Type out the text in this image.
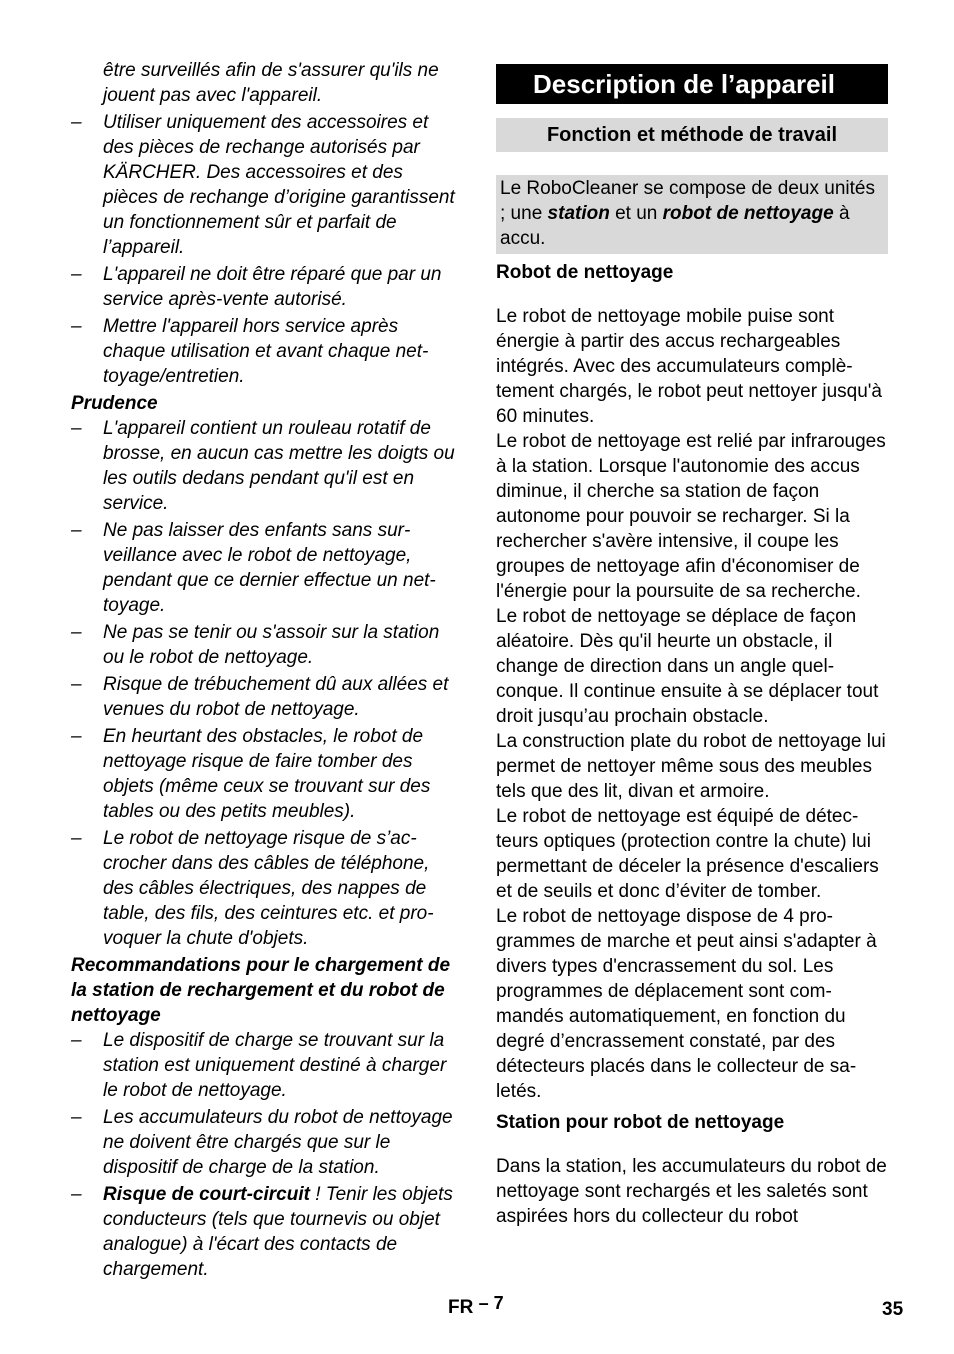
être surveillés afin de s'assurer qu'ils ne jouent pas avec l'appareil.

– Utiliser uniquement des accessoires et des pièces de rechange autorisés par KÄRCHER. Des accessoires et des pièces de rechange d’origine garantissent un fonctionnement sûr et parfait de l’appareil.

– L'appareil ne doit être réparé que par un service après-vente autorisé.

– Mettre l'appareil hors service après chaque utilisation et avant chaque nettoyage/entretien.

Prudence

– L'appareil contient un rouleau rotatif de brosse, en aucun cas mettre les doigts ou les outils dedans pendant qu'il est en service.

– Ne pas laisser des enfants sans surveillance avec le robot de nettoyage, pendant que ce dernier effectue un nettoyage.

– Ne pas se tenir ou s'assoir sur la station ou le robot de nettoyage.

– Risque de trébuchement dû aux allées et venues du robot de nettoyage.

– En heurtant des obstacles, le robot de nettoyage risque de faire tomber des objets (même ceux se trouvant sur des tables ou des petits meubles).

– Le robot de nettoyage risque de s’accrocher dans des câbles de téléphone, des câbles électriques, des nappes de table, des fils, des ceintures etc. et provoquer la chute d'objets.

Recommandations pour le chargement de la station de rechargement et du robot de nettoyage

– Le dispositif de charge se trouvant sur la station est uniquement destiné à charger le robot de nettoyage.

– Les accumulateurs du robot de nettoyage ne doivent être chargés que sur le dispositif de charge de la station.

– Risque de court-circuit ! Tenir les objets conducteurs (tels que tournevis ou objet analogue) à l'écart des contacts de chargement.

Description de l’appareil
Fonction et méthode de travail
Le RoboCleaner se compose de deux unités ; une station et un robot de nettoyage à accu.

Robot de nettoyage

Le robot de nettoyage mobile puise sont énergie à partir des accus rechargeables intégrés. Avec des accumulateurs complètement chargés, le robot peut nettoyer jusqu'à 60 minutes.

Le robot de nettoyage est relié par infrarouges à la station. Lorsque l'autonomie des accus diminue, il cherche sa station de façon autonome pour pouvoir se recharger. Si la rechercher s'avère intensive, il coupe les groupes de nettoyage afin d'économiser de l'énergie pour la poursuite de sa recherche.

Le robot de nettoyage se déplace de façon aléatoire. Dès qu'il heurte un obstacle, il change de direction dans un angle quelconque. Il continue ensuite à se déplacer tout droit jusqu’au prochain obstacle.

La construction plate du robot de nettoyage lui permet de nettoyer même sous des meubles tels que des lit, divan et armoire.

Le robot de nettoyage est équipé de détecteurs optiques (protection contre la chute) lui permettant de déceler la présence d'escaliers et de seuils et donc d’éviter de tomber.

Le robot de nettoyage dispose de 4 programmes de marche et peut ainsi s'adapter à divers types d'encrassement du sol. Les programmes de déplacement sont commandés automatiquement, en fonction du degré d’encrassement constaté, par des détecteurs placés dans le collecteur de saletés.

Station pour robot de nettoyage

Dans la station, les accumulateurs du robot de nettoyage sont rechargés et les saletés sont aspirées hors du collecteur du robot

FR – 7	35
